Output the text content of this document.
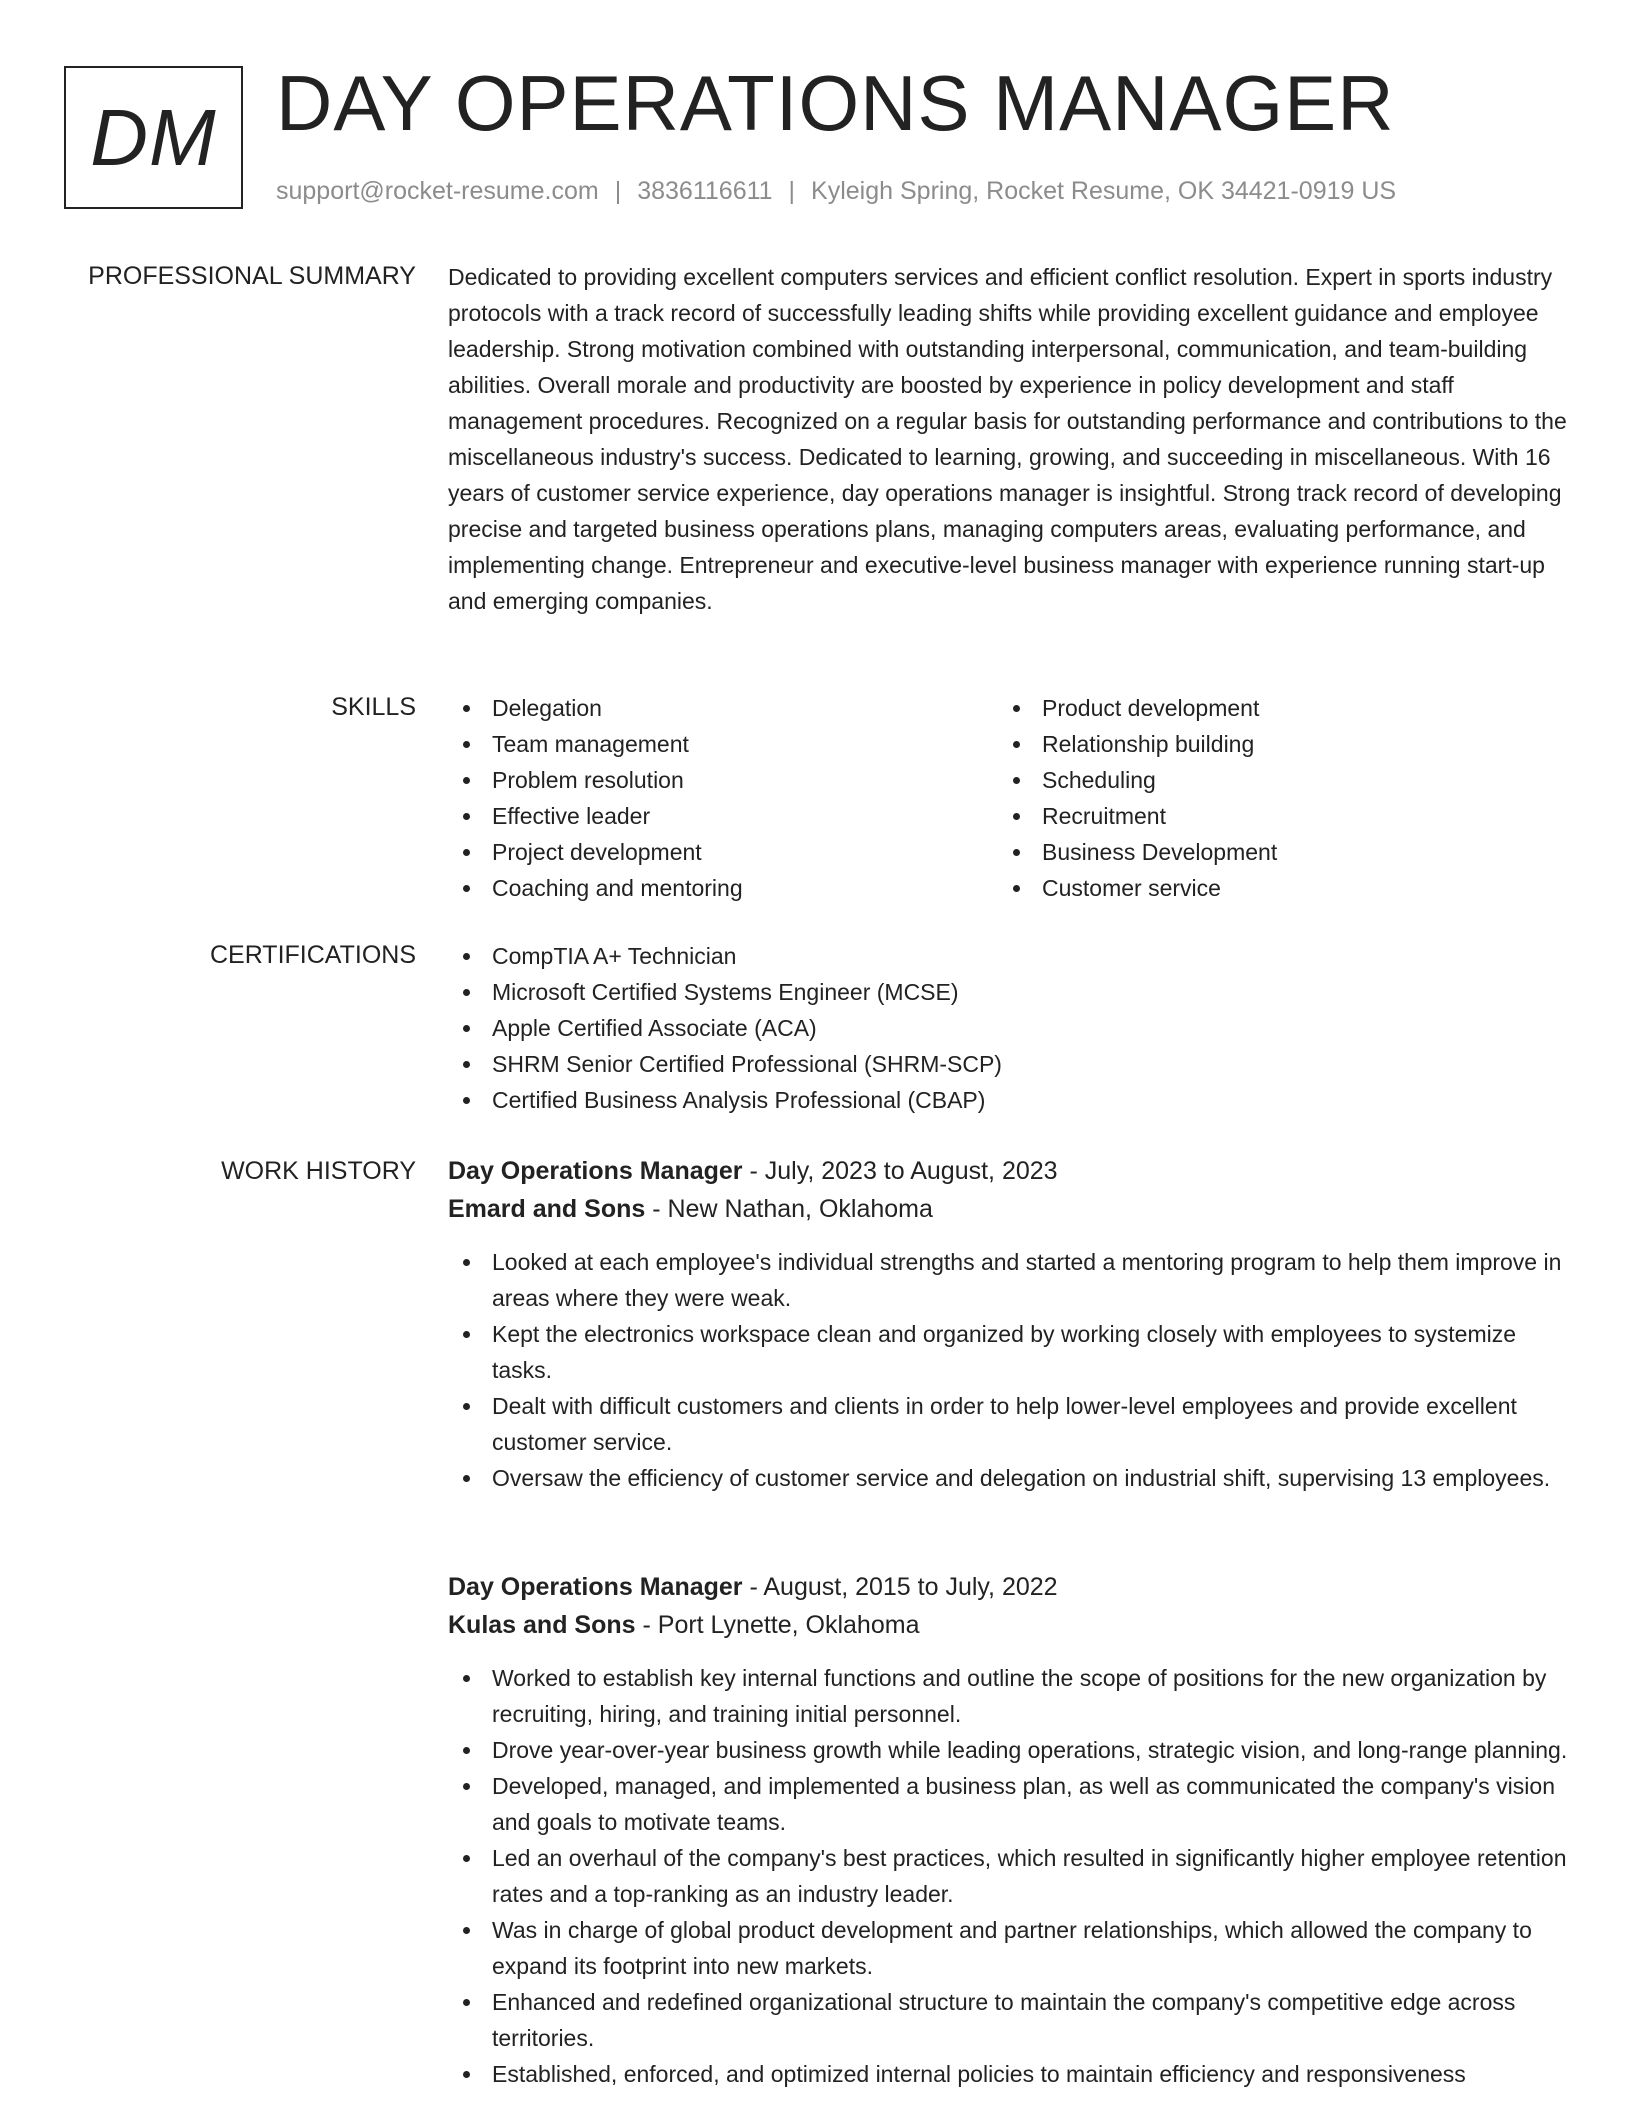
DM DAY OPERATIONS MANAGER
support@rocket-resume.com | 3836116611 | Kyleigh Spring, Rocket Resume, OK 34421-0919 US
PROFESSIONAL SUMMARY Dedicated to providing excellent computers services and efficient conflict resolution. Expert in sports industry protocols with a track record of successfully leading shifts while providing excellent guidance and employee leadership. Strong motivation combined with outstanding interpersonal, communication, and team-building abilities. Overall morale and productivity are boosted by experience in policy development and staff management procedures. Recognized on a regular basis for outstanding performance and contributions to the miscellaneous industry's success. Dedicated to learning, growing, and succeeding in miscellaneous. With 16 years of customer service experience, day operations manager is insightful. Strong track record of developing precise and targeted business operations plans, managing computers areas, evaluating performance, and implementing change. Entrepreneur and executive-level business manager with experience running start-up and emerging companies.
SKILLS	Delegation
Team management
Problem resolution
Effective leader
Project development
Coaching and mentoring
Product development
Relationship building
Scheduling
Recruitment
Business Development
Customer service
CERTIFICATIONS	CompTIA A+ Technician
Microsoft Certified Systems Engineer (MCSE)
Apple Certified Associate (ACA)
SHRM Senior Certified Professional (SHRM-SCP)
Certified Business Analysis Professional (CBAP)
WORK HISTORY Day Operations Manager - July, 2023 to August, 2023
Emard and Sons - New Nathan, Oklahoma
Looked at each employee's individual strengths and started a mentoring program to help them improve in areas where they were weak.
Kept the electronics workspace clean and organized by working closely with employees to systemize tasks.
Dealt with difficult customers and clients in order to help lower-level employees and provide excellent customer service.
Oversaw the efficiency of customer service and delegation on industrial shift, supervising 13 employees.
Day Operations Manager - August, 2015 to July, 2022
Kulas and Sons - Port Lynette, Oklahoma
Worked to establish key internal functions and outline the scope of positions for the new organization by recruiting, hiring, and training initial personnel.
Drove year-over-year business growth while leading operations, strategic vision, and long-range planning.
Developed, managed, and implemented a business plan, as well as communicated the company's vision and goals to motivate teams.
Led an overhaul of the company's best practices, which resulted in significantly higher employee retention rates and a top-ranking as an industry leader.
Was in charge of global product development and partner relationships, which allowed the company to expand its footprint into new markets.
Enhanced and redefined organizational structure to maintain the company's competitive edge across territories.
Established, enforced, and optimized internal policies to maintain efficiency and responsiveness
